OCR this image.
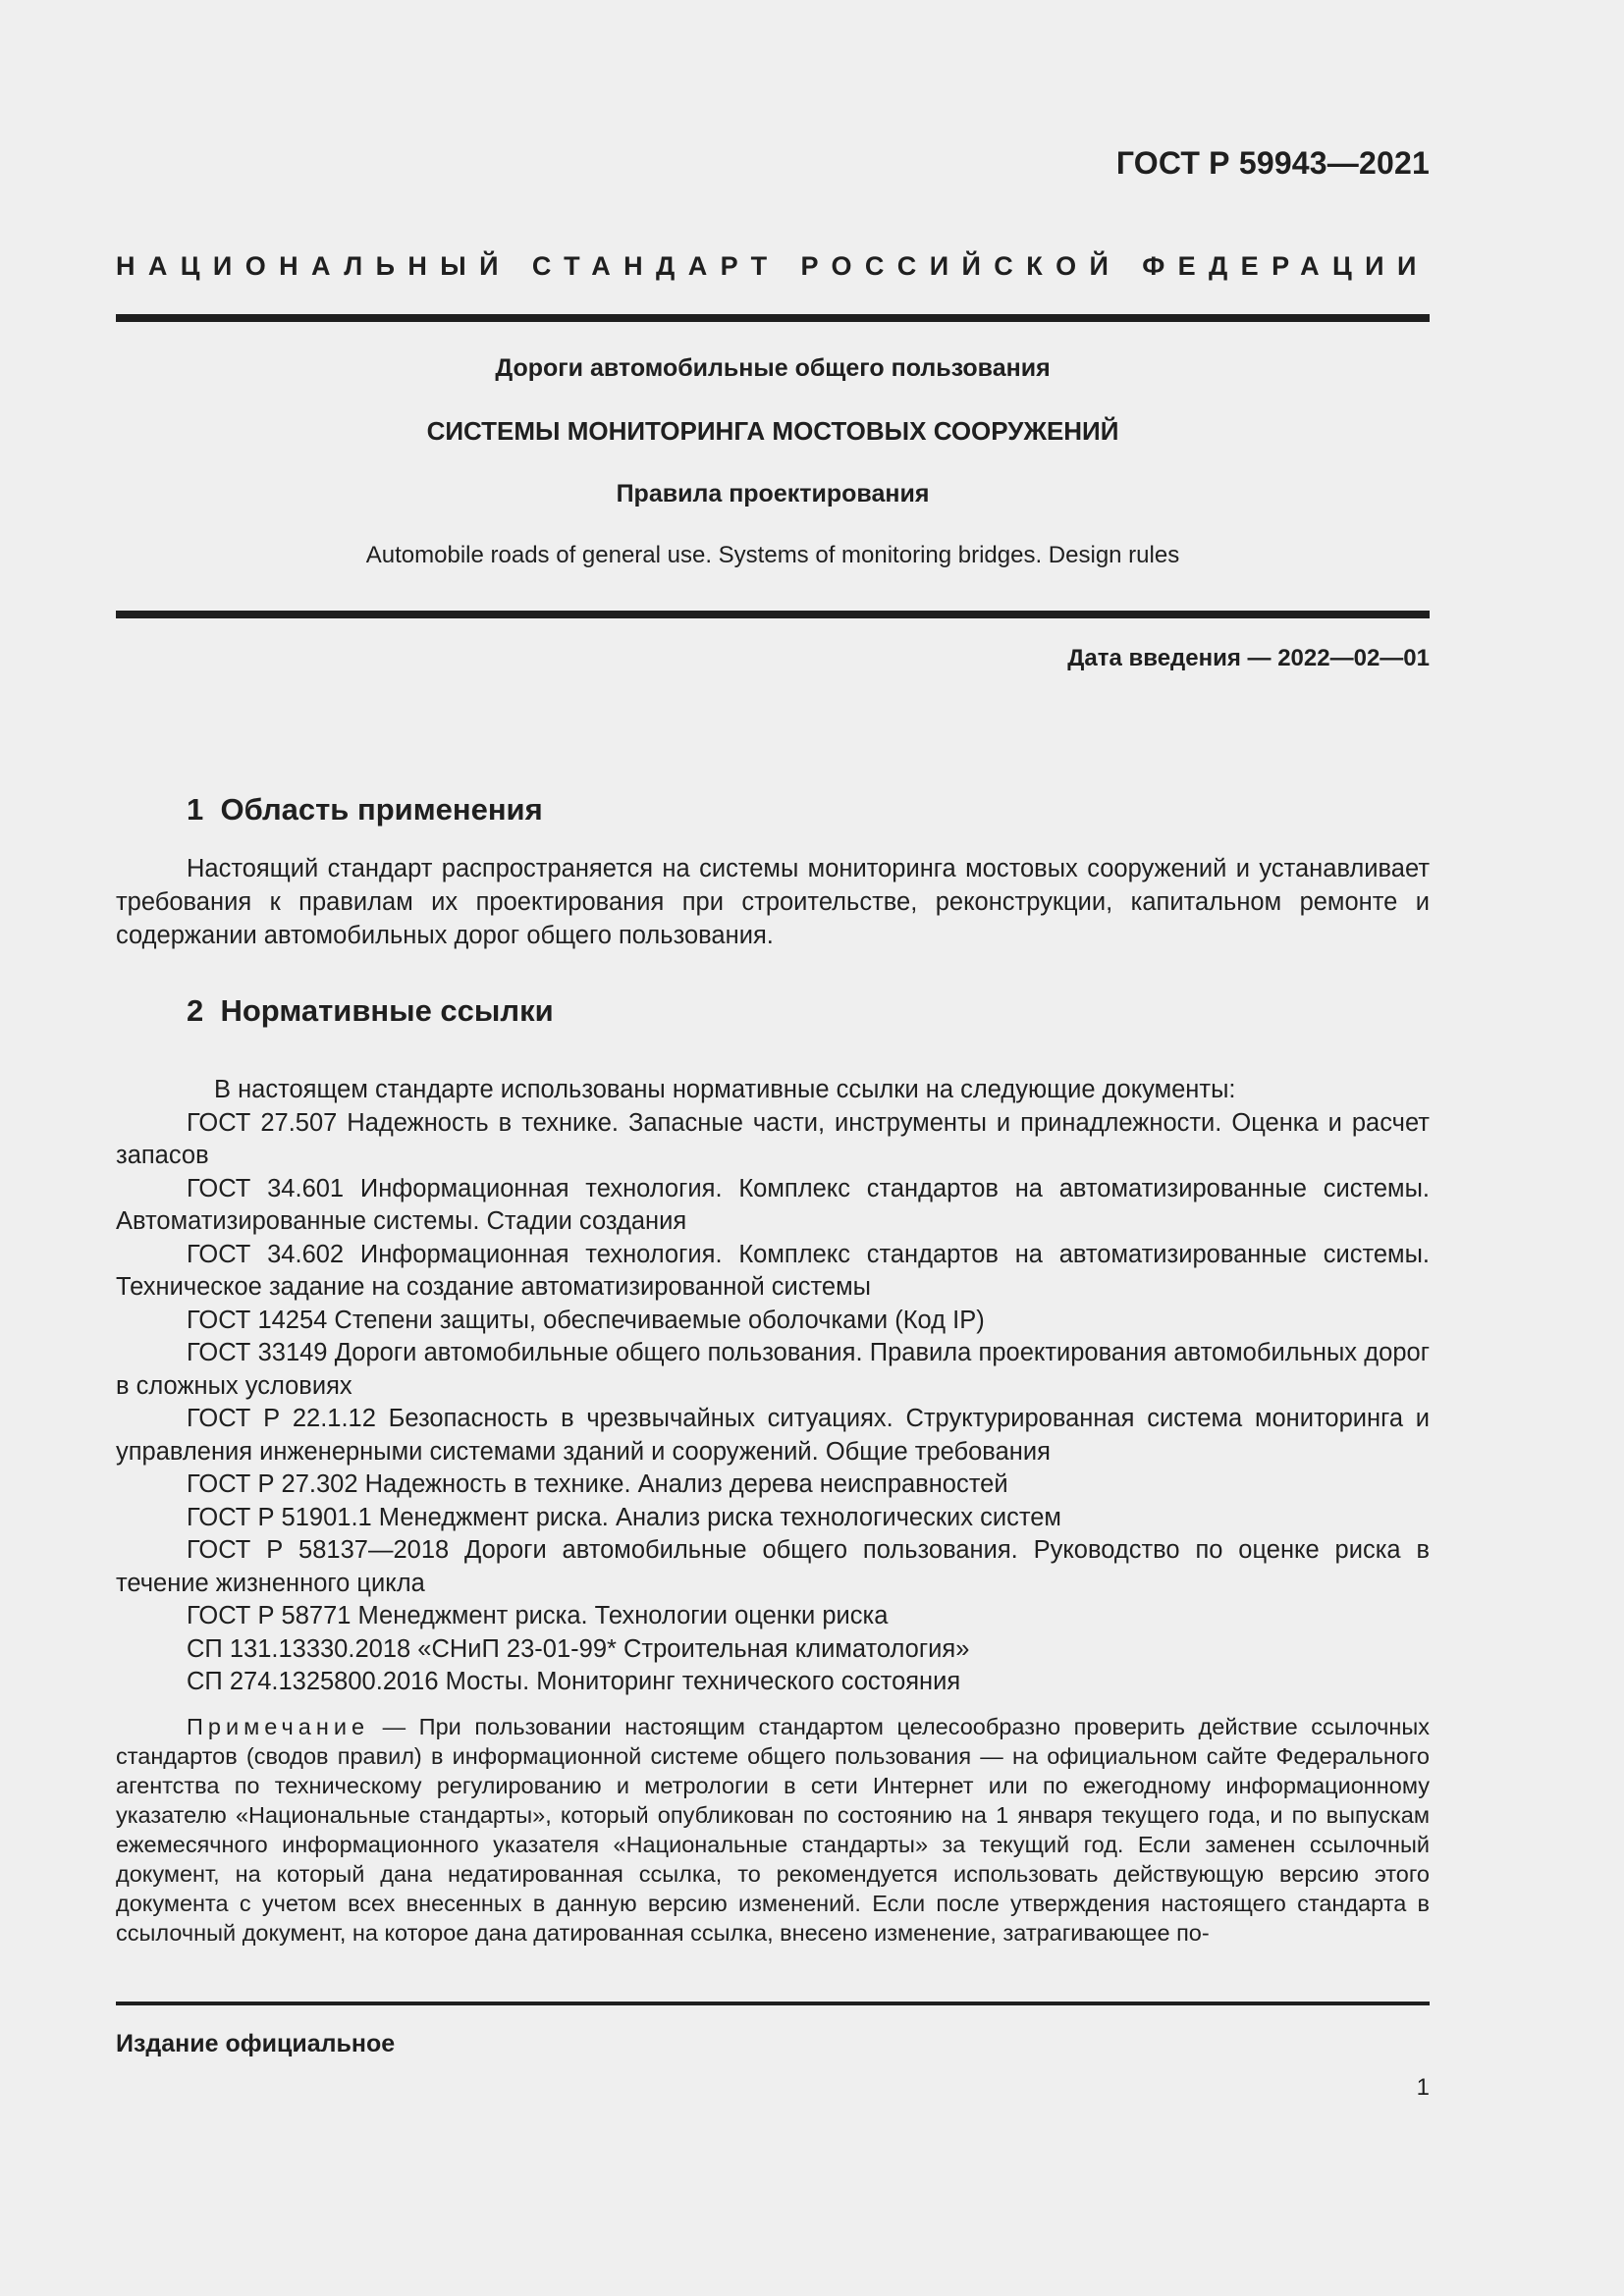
ГОСТ Р 59943—2021
НАЦИОНАЛЬНЫЙ СТАНДАРТ РОССИЙСКОЙ ФЕДЕРАЦИИ
Дороги автомобильные общего пользования
СИСТЕМЫ МОНИТОРИНГА МОСТОВЫХ СООРУЖЕНИЙ
Правила проектирования
Automobile roads of general use. Systems of monitoring bridges. Design rules
Дата введения — 2022—02—01
1  Область применения

Настоящий стандарт распространяется на системы мониторинга мостовых сооружений и устанавливает требования к правилам их проектирования при строительстве, реконструкции, капитальном ремонте и содержании автомобильных дорог общего пользования.

2  Нормативные ссылки

В настоящем стандарте использованы нормативные ссылки на следующие документы:

ГОСТ 27.507 Надежность в технике. Запасные части, инструменты и принадлежности. Оценка и расчет запасов

ГОСТ 34.601 Информационная технология. Комплекс стандартов на автоматизированные системы. Автоматизированные системы. Стадии создания

ГОСТ 34.602 Информационная технология. Комплекс стандартов на автоматизированные системы. Техническое задание на создание автоматизированной системы

ГОСТ 14254 Степени защиты, обеспечиваемые оболочками (Код IP)

ГОСТ 33149 Дороги автомобильные общего пользования. Правила проектирования автомобильных дорог в сложных условиях

ГОСТ Р 22.1.12 Безопасность в чрезвычайных ситуациях. Структурированная система мониторинга и управления инженерными системами зданий и сооружений. Общие требования

ГОСТ Р 27.302 Надежность в технике. Анализ дерева неисправностей

ГОСТ Р 51901.1 Менеджмент риска. Анализ риска технологических систем

ГОСТ Р 58137—2018 Дороги автомобильные общего пользования. Руководство по оценке риска в течение жизненного цикла

ГОСТ Р 58771 Менеджмент риска. Технологии оценки риска

СП 131.13330.2018 «СНиП 23-01-99* Строительная климатология»

СП 274.1325800.2016 Мосты. Мониторинг технического состояния

Примечание — При пользовании настоящим стандартом целесообразно проверить действие ссылочных стандартов (сводов правил) в информационной системе общего пользования — на официальном сайте Федерального агентства по техническому регулированию и метрологии в сети Интернет или по ежегодному информационному указателю «Национальные стандарты», который опубликован по состоянию на 1 января текущего года, и по выпускам ежемесячного информационного указателя «Национальные стандарты» за текущий год. Если заменен ссылочный документ, на который дана недатированная ссылка, то рекомендуется использовать действующую версию этого документа с учетом всех внесенных в данную версию изменений. Если после утверждения настоящего стандарта в ссылочный документ, на которое дана датированная ссылка, внесено изменение, затрагивающее по-

Издание официальное
1
